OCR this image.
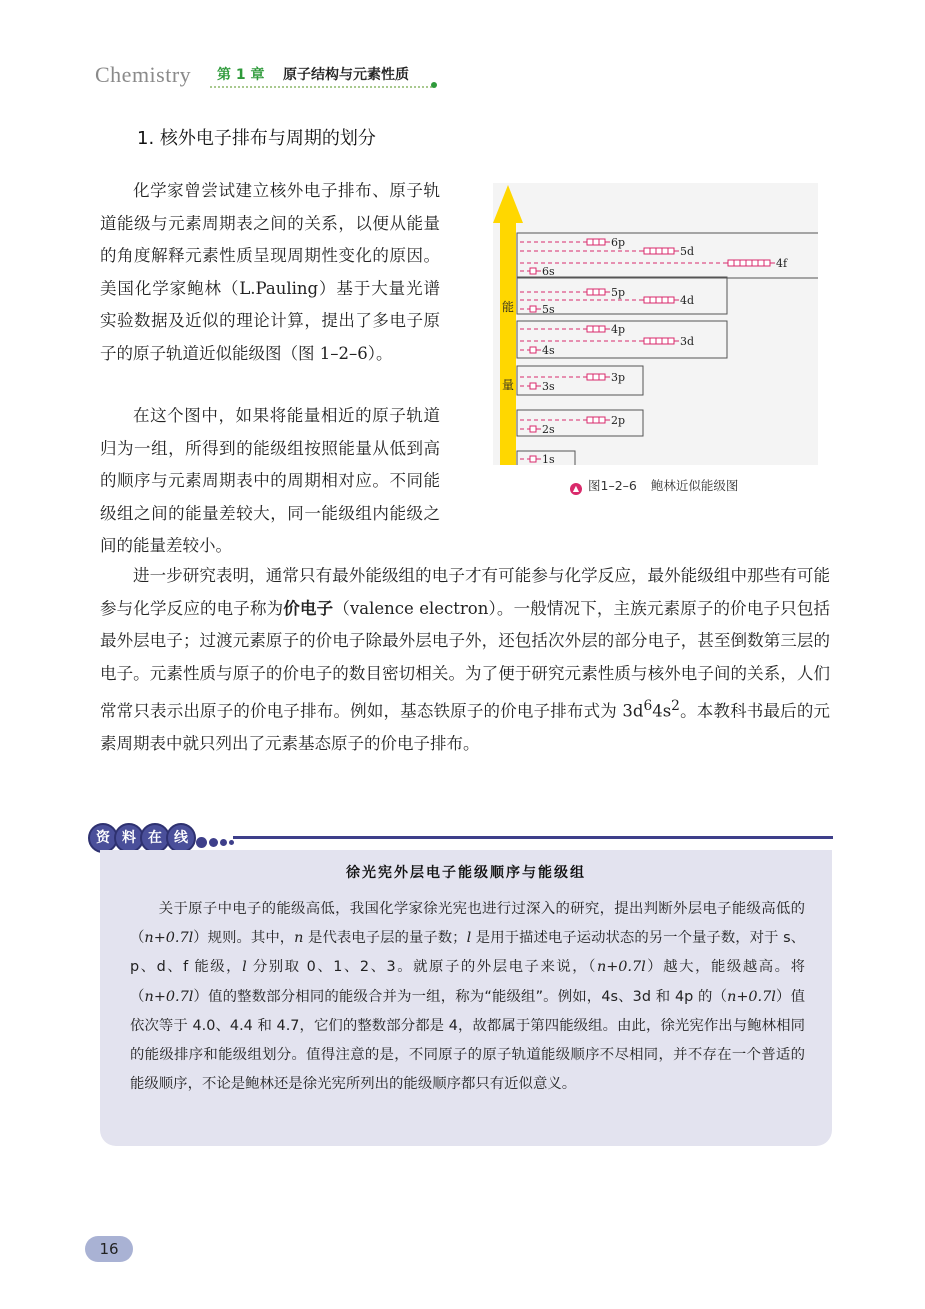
Chemistry 第 1 章 原子结构与元素性质
1. 核外电子排布与周期的划分

化学家曾尝试建立核外电子排布、原子轨道能级与元素周期表之间的关系，以便从能量的角度解释元素性质呈现周期性变化的原因。美国化学家鲍林（L.Pauling）基于大量光谱实验数据及近似的理论计算，提出了多电子原子的原子轨道近似能级图（图 1–2–6）。

在这个图中，如果将能量相近的原子轨道归为一组，所得到的能级组按照能量从低到高的顺序与元素周期表中的周期相对应。不同能级组之间的能量差较大，同一能级组内能级之间的能量差较小。

进一步研究表明，通常只有最外能级组的电子才有可能参与化学反应，最外能级组中那些有可能参与化学反应的电子称为价电子（valence electron）。一般情况下，主族元素原子的价电子只包括最外层电子；过渡元素原子的价电子除最外层电子外，还包括次外层的部分电子，甚至倒数第三层的电子。元素性质与原子的价电子的数目密切相关。为了便于研究元素性质与核外电子间的关系，人们常常只表示出原子的价电子排布。例如，基态铁原子的价电子排布式为 $3d^64s^2$。本教科书最后的元素周期表中就只列出了元素基态原子的价电子排布。

能
量
1s
2s
2p
3s
3p
4s
3d
4p
5s
4d
5p
6s
4f
5d
6p
▲ 图1–2–6 鲍林近似能级图
资 料 在 线
徐光宪外层电子能级顺序与能级组

关于原子中电子的能级高低，我国化学家徐光宪也进行过深入的研究，提出判断外层电子能级高低的（n+0.7l）规则。其中，n 是代表电子层的量子数；l 是用于描述电子运动状态的另一个量子数，对于 s、p、d、f 能级，l 分别取 0、1、2、3。就原子的外层电子来说，（n+0.7l）越大，能级越高。将（n+0.7l）值的整数部分相同的能级合并为一组，称为“能级组”。例如，4s、3d 和 4p 的（n+0.7l）值依次等于 4.0、4.4 和 4.7，它们的整数部分都是 4，故都属于第四能级组。由此，徐光宪作出与鲍林相同的能级排序和能级组划分。值得注意的是，不同原子的原子轨道能级顺序不尽相同，并不存在一个普适的能级顺序，不论是鲍林还是徐光宪所列出的能级顺序都只有近似意义。

16
